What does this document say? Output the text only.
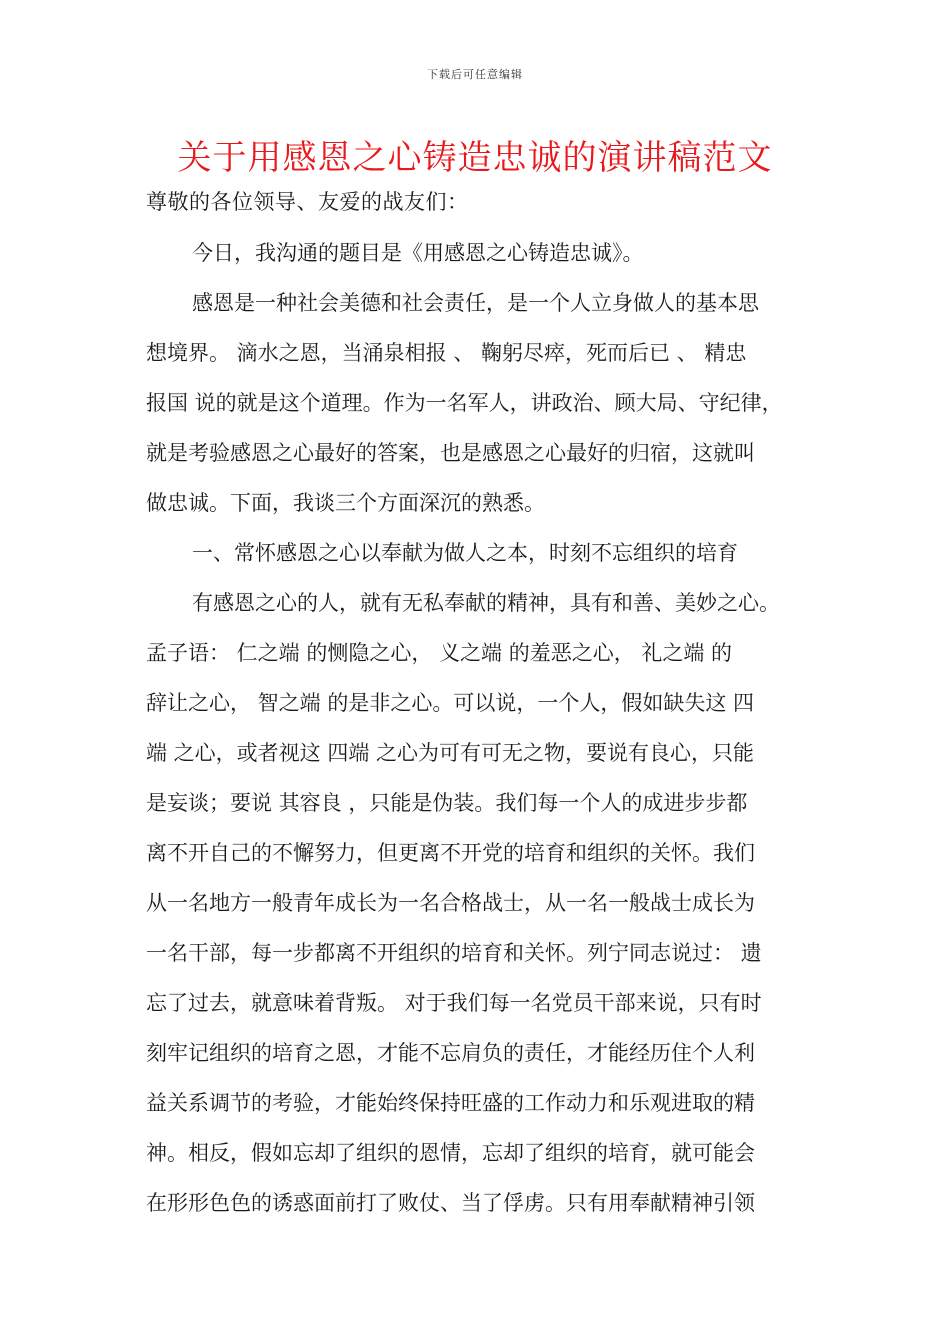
下载后可任意编辑
关于用感恩之心铸造忠诚的演讲稿范文
尊敬的各位领导、友爱的战友们：
今日，我沟通的题目是《用感恩之心铸造忠诚》。
感恩是一种社会美德和社会责任，是一个人立身做人的基本思
想境界。 滴水之恩，当涌泉相报 、 鞠躬尽瘁，死而后已 、 精忠
报国 说的就是这个道理。作为一名军人，讲政治、顾大局、守纪律，
就是考验感恩之心最好的答案，也是感恩之心最好的归宿，这就叫
做忠诚。下面，我谈三个方面深沉的熟悉。
一、常怀感恩之心以奉献为做人之本，时刻不忘组织的培育
有感恩之心的人，就有无私奉献的精神，具有和善、美妙之心。
孟子语： 仁之端 的恻隐之心， 义之端 的羞恶之心， 礼之端 的
辞让之心， 智之端 的是非之心。可以说，一个人，假如缺失这 四
端 之心，或者视这 四端 之心为可有可无之物，要说有良心，只能
是妄谈；要说 其容良 ，只能是伪装。我们每一个人的成进步步都
离不开自己的不懈努力，但更离不开党的培育和组织的关怀。我们
从一名地方一般青年成长为一名合格战士，从一名一般战士成长为
一名干部，每一步都离不开组织的培育和关怀。列宁同志说过： 遗
忘了过去，就意味着背叛。 对于我们每一名党员干部来说，只有时
刻牢记组织的培育之恩，才能不忘肩负的责任，才能经历住个人利
益关系调节的考验，才能始终保持旺盛的工作动力和乐观进取的精
神。相反，假如忘却了组织的恩情，忘却了组织的培育，就可能会
在形形色色的诱惑面前打了败仗、当了俘虏。只有用奉献精神引领
